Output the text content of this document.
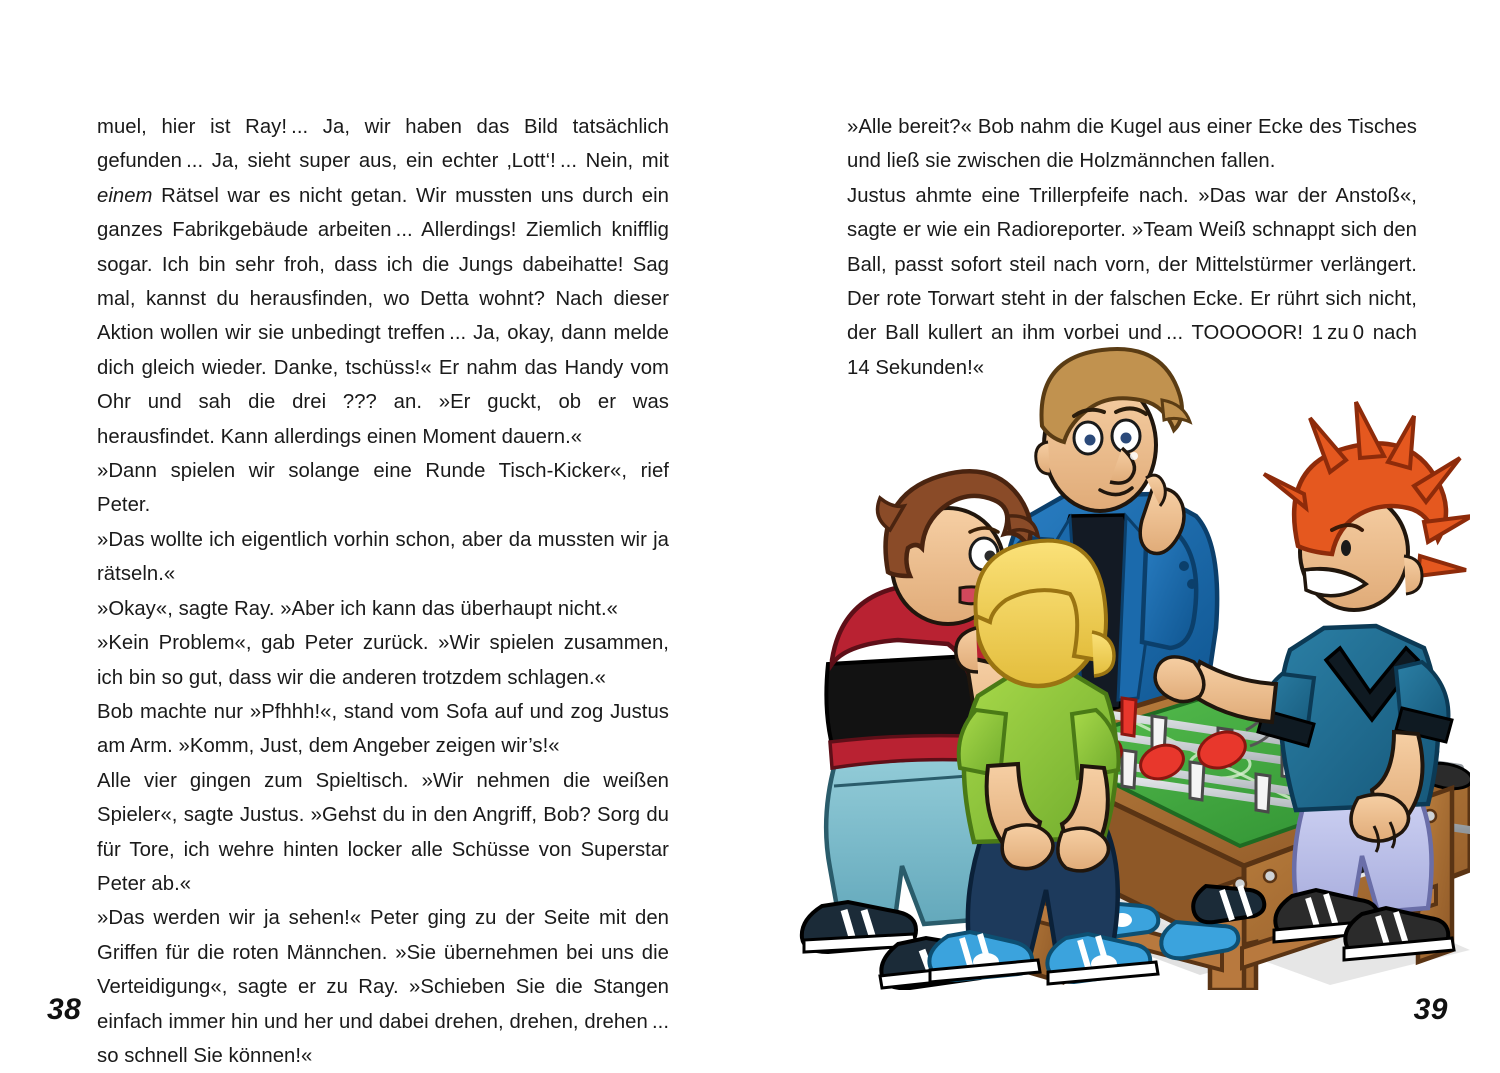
muel, hier ist Ray! ... Ja, wir haben das Bild tatsächlich gefunden ... Ja, sieht super aus, ein echter ‚Lott‘! ... Nein, mit einem Rätsel war es nicht getan. Wir mussten uns durch ein ganzes Fabrikgebäude arbeiten ... Allerdings! Ziemlich knifflig sogar. Ich bin sehr froh, dass ich die Jungs dabeihatte! Sag mal, kannst du herausfinden, wo Detta wohnt? Nach dieser Aktion wollen wir sie unbedingt treffen ... Ja, okay, dann melde dich gleich wieder. Danke, tschüss!« Er nahm das Handy vom Ohr und sah die drei ??? an. »Er guckt, ob er was herausfindet. Kann allerdings einen Moment dauern.«

»Dann spielen wir solange eine Runde Tisch-Kicker«, rief Peter.

»Das wollte ich eigentlich vorhin schon, aber da mussten wir ja rätseln.«

»Okay«, sagte Ray. »Aber ich kann das überhaupt nicht.«

»Kein Problem«, gab Peter zurück. »Wir spielen zusammen, ich bin so gut, dass wir die anderen trotzdem schlagen.«

Bob machte nur »Pfhhh!«, stand vom Sofa auf und zog Justus am Arm. »Komm, Just, dem Angeber zeigen wir’s!«

Alle vier gingen zum Spieltisch. »Wir nehmen die weißen Spieler«, sagte Justus. »Gehst du in den Angriff, Bob? Sorg du für Tore, ich wehre hinten locker alle Schüsse von Superstar Peter ab.«

»Das werden wir ja sehen!« Peter ging zu der Seite mit den Griffen für die roten Männchen. »Sie übernehmen bei uns die Verteidigung«, sagte er zu Ray. »Schieben Sie die Stangen einfach immer hin und her und dabei drehen, drehen, drehen ... so schnell Sie können!«

38

»Alle bereit?« Bob nahm die Kugel aus einer Ecke des Tisches und ließ sie zwischen die Holzmännchen fallen.

Justus ahmte eine Trillerpfeife nach. »Das war der Anstoß«, sagte er wie ein Radioreporter. »Team Weiß schnappt sich den Ball, passt sofort steil nach vorn, der Mittelstürmer verlängert. Der rote Torwart steht in der falschen Ecke. Er rührt sich nicht, der Ball kullert an ihm vorbei und ... TOOOOOR! 1 zu 0 nach 14 Sekunden!«

39
